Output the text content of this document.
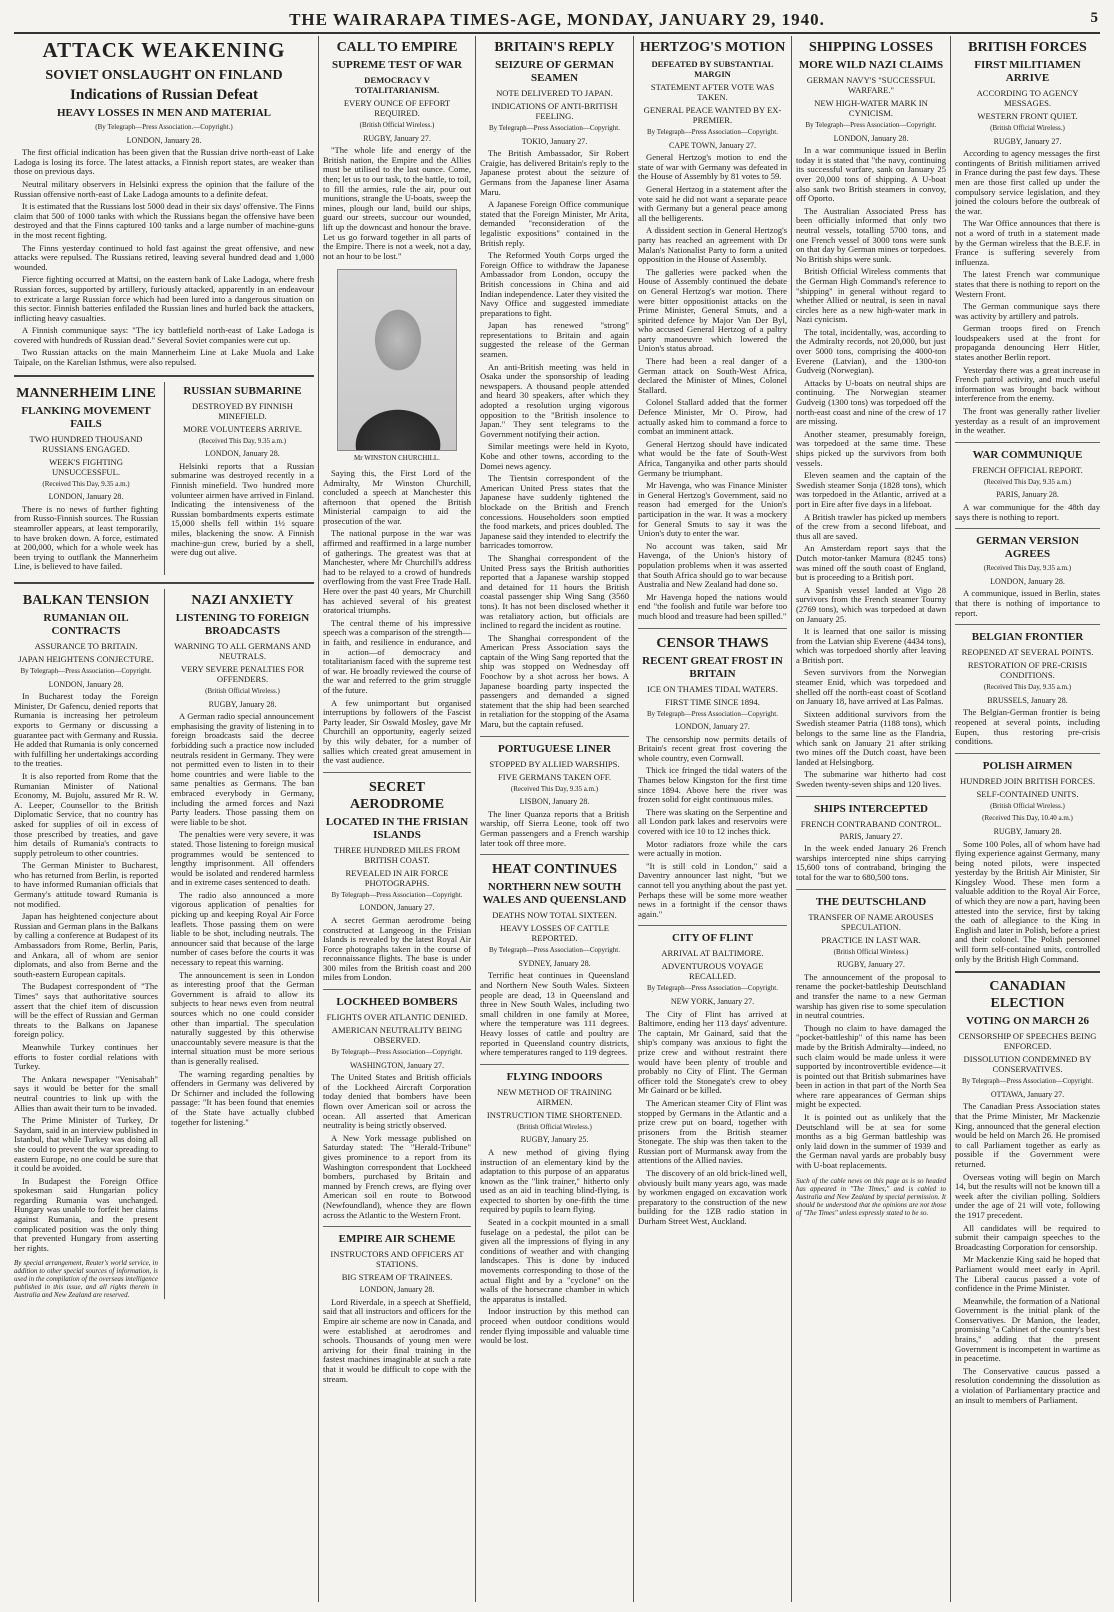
THE WAIRARAPA TIMES-AGE, MONDAY, JANUARY 29, 1940.	5
ATTACK WEAKENING
SOVIET ONSLAUGHT ON FINLAND
Indications of Russian Defeat
HEAVY LOSSES IN MEN AND MATERIAL
(By Telegraph—Press Association.—Copyright.)
LONDON, January 28.

The first official indication has been given that the Russian drive north-east of Lake Ladoga is losing its force. The latest attacks, a Finnish report states, are weaker than those on previous days.

Neutral military observers in Helsinki express the opinion that the failure of the Russian offensive north-east of Lake Ladoga amounts to a definite defeat.

It is estimated that the Russians lost 5000 dead in their six days' offensive. The Finns claim that 500 of 1000 tanks with which the Russians began the offensive have been destroyed and that the Finns captured 100 tanks and a large number of machine-guns in the most recent fighting.

The Finns yesterday continued to hold fast against the great offensive, and new attacks were repulsed. The Russians retired, leaving several hundred dead and 1,000 wounded.

Fierce fighting occurred at Mattsi, on the eastern bank of Lake Ladoga, where fresh Russian forces, supported by artillery, furiously attacked, apparently in an endeavour to extricate a large Russian force which had been lured into a dangerous situation on this sector. Finnish batteries enfiladed the Russian lines and hurled back the attackers, inflicting heavy casualties.

A Finnish communique says: "The icy battlefield north-east of Lake Ladoga is covered with hundreds of Russian dead." Several Soviet companies were cut up.

Two Russian attacks on the main Mannerheim Line at Lake Muola and Lake Taipale, on the Karelian Isthmus, were also repulsed.

MANNERHEIM LINE
FLANKING MOVEMENT FAILS
TWO HUNDRED THOUSAND RUSSIANS ENGAGED.
WEEK'S FIGHTING UNSUCCESSFUL.
(Received This Day, 9.35 a.m.)
LONDON, January 28.

There is no news of further fighting from Russo-Finnish sources. The Russian steamroller appears, at least temporarily, to have broken down. A force, estimated at 200,000, which for a whole week has been trying to outflank the Mannerheim Line, is believed to have failed.

RUSSIAN SUBMARINE
DESTROYED BY FINNISH MINEFIELD.
MORE VOLUNTEERS ARRIVE.
(Received This Day, 9.35 a.m.)
LONDON, January 28.

Helsinki reports that a Russian submarine was destroyed recently in a Finnish minefield. Two hundred more volunteer airmen have arrived in Finland. Indicating the intensiveness of the Russian bombardments experts estimate 15,000 shells fell within 1½ square miles, blackening the snow. A Finnish machine-gun crew, buried by a shell, were dug out alive.

BALKAN TENSION
RUMANIAN OIL CONTRACTS
ASSURANCE TO BRITAIN.
JAPAN HEIGHTENS CONJECTURE.
By Telegraph—Press Association—Copyright.
LONDON, January 28.

In Bucharest today the Foreign Minister, Dr Gafencu, denied reports that Rumania is increasing her petroleum exports to Germany or discussing a guarantee pact with Germany and Russia. He added that Rumania is only concerned with fulfilling her undertakings according to the treaties.

It is also reported from Rome that the Rumanian Minister of National Economy, M. Bujolu, assured Mr R. W. A. Leeper, Counsellor to the British Diplomatic Service, that no country has asked for supplies of oil in excess of those prescribed by treaties, and gave him details of Rumania's contracts to supply petroleum to other countries.

The German Minister to Bucharest, who has returned from Berlin, is reported to have informed Rumanian officials that Germany's attitude toward Rumania is not modified.

Japan has heightened conjecture about Russian and German plans in the Balkans by calling a conference at Budapest of its Ambassadors from Rome, Berlin, Paris, and Ankara, all of whom are senior diplomats, and also from Berne and the south-eastern European capitals.

The Budapest correspondent of "The Times" says that authoritative sources assert that the chief item of discussion will be the effect of Russian and German threats to the Balkans on Japanese foreign policy.

Meanwhile Turkey continues her efforts to foster cordial relations with Turkey.

The Ankara newspaper "Yenisabah" says it would be better for the small neutral countries to link up with the Allies than await their turn to be invaded.

The Prime Minister of Turkey, Dr Saydam, said in an interview published in Istanbul, that while Turkey was doing all she could to prevent the war spreading to eastern Europe, no one could be sure that it could be avoided.

In Budapest the Foreign Office spokesman said Hungarian policy regarding Rumania was unchanged. Hungary was unable to forfeit her claims against Rumania, and the present complicated position was the only thing that prevented Hungary from asserting her rights.

By special arrangement, Reuter's world service, in addition to other special sources of information, is used in the compilation of the overseas intelligence published in this issue, and all rights therein in Australia and New Zealand are reserved.
NAZI ANXIETY
LISTENING TO FOREIGN BROADCASTS
WARNING TO ALL GERMANS AND NEUTRALS.
VERY SEVERE PENALTIES FOR OFFENDERS.
(British Official Wireless.)
RUGBY, January 28.

A German radio special announcement emphasising the gravity of listening in to foreign broadcasts said the decree forbidding such a practice now included neutrals resident in Germany. They were not permitted even to listen in to their home countries and were liable to the same penalties as Germans. The ban embraced everybody in Germany, including the armed forces and Nazi Party leaders. Those passing them on were liable to be shot.

The penalties were very severe, it was stated. Those listening to foreign musical programmes would be sentenced to lengthy imprisonment. All offenders would be isolated and rendered harmless and in extreme cases sentenced to death.

The radio also announced a more vigorous application of penalties for picking up and keeping Royal Air Force leaflets. Those passing them on were liable to be shot, including neutrals. The announcer said that because of the large number of cases before the courts it was necessary to repeat this warning.

The announcement is seen in London as interesting proof that the German Government is afraid to allow its subjects to hear news even from neutral sources which no one could consider other than impartial. The speculation naturally suggested by this otherwise unaccountably severe measure is that the internal situation must be more serious than is generally realised.

The warning regarding penalties by offenders in Germany was delivered by Dr Schirner and included the following passage: "It has been found that enemies of the State have actually clubbed together for listening."

CALL TO EMPIRE
SUPREME TEST OF WAR
DEMOCRACY V TOTALITARIANISM.
EVERY OUNCE OF EFFORT REQUIRED.
(British Official Wireless.)
RUGBY, January 27.

"The whole life and energy of the British nation, the Empire and the Allies must be utilised to the last ounce. Come, then; let us to our task, to the battle, to toil, to fill the armies, rule the air, pour out munitions, strangle the U-boats, sweep the mines, plough our land, build our ships, guard our streets, succour our wounded, lift up the downcast and honour the brave. Let us go forward together in all parts of the Empire. There is not a week, not a day, not an hour to be lost."

Mr WINSTON CHURCHILL.

Saying this, the First Lord of the Admiralty, Mr Winston Churchill, concluded a speech at Manchester this afternoon that opened the British Ministerial campaign to aid the prosecution of the war.

The national purpose in the war was affirmed and reaffirmed in a large number of gatherings. The greatest was that at Manchester, where Mr Churchill's address had to be relayed to a crowd of hundreds overflowing from the vast Free Trade Hall. Here over the past 40 years, Mr Churchill has achieved several of his greatest oratorical triumphs.

The central theme of his impressive speech was a comparison of the strength—in faith, and resilience in endurance, and in action—of democracy and totalitarianism faced with the supreme test of war. He broadly reviewed the course of the war and referred to the grim struggle of the future.

A few unimportant but organised interruptions by followers of the Fascist Party leader, Sir Oswald Mosley, gave Mr Churchill an opportunity, eagerly seized by this wily debater, for a number of sallies which created great amusement in the vast audience.

SECRET AERODROME
LOCATED IN THE FRISIAN ISLANDS
THREE HUNDRED MILES FROM BRITISH COAST.
REVEALED IN AIR FORCE PHOTOGRAPHS.
By Telegraph—Press Association—Copyright.
LONDON, January 27.

A secret German aerodrome being constructed at Langeoog in the Frisian Islands is revealed by the latest Royal Air Force photographs taken in the course of reconnaissance flights. The base is under 300 miles from the British coast and 200 miles from London.

LOCKHEED BOMBERS
FLIGHTS OVER ATLANTIC DENIED.
AMERICAN NEUTRALITY BEING OBSERVED.
By Telegraph—Press Association—Copyright.
WASHINGTON, January 27.

The United States and British officials of the Lockheed Aircraft Corporation today denied that bombers have been flown over American soil or across the ocean. All asserted that American neutrality is being strictly observed.

A New York message published on Saturday stated: The "Herald-Tribune" gives prominence to a report from its Washington correspondent that Lockheed bombers, purchased by Britain and manned by French crews, are flying over American soil en route to Botwood (Newfoundland), whence they are flown across the Atlantic to the Western Front.

EMPIRE AIR SCHEME
INSTRUCTORS AND OFFICERS AT STATIONS.
BIG STREAM OF TRAINEES.
LONDON, January 28.

Lord Riverdale, in a speech at Sheffield, said that all instructors and officers for the Empire air scheme are now in Canada, and were established at aerodromes and schools. Thousands of young men were arriving for their final training in the fastest machines imaginable at such a rate that it would be difficult to cope with the stream.

BRITAIN'S REPLY
SEIZURE OF GERMAN SEAMEN
NOTE DELIVERED TO JAPAN.
INDICATIONS OF ANTI-BRITISH FEELING.
By Telegraph—Press Association—Copyright.
TOKIO, January 27.

The British Ambassador, Sir Robert Craigie, has delivered Britain's reply to the Japanese protest about the seizure of Germans from the Japanese liner Asama Maru.

A Japanese Foreign Office communique stated that the Foreign Minister, Mr Arita, demanded "reconsideration of the legalistic expositions" contained in the British reply.

The Reformed Youth Corps urged the Foreign Office to withdraw the Japanese Ambassador from London, occupy the British concessions in China and aid Indian independence. Later they visited the Navy Office and suggested immediate preparations to fight.

Japan has renewed "strong" representations to Britain and again suggested the release of the German seamen.

An anti-British meeting was held in Osaka under the sponsorship of leading newspapers. A thousand people attended and heard 30 speakers, after which they adopted a resolution urging vigorous opposition to the "British insolence to Japan." They sent telegrams to the Government notifying their action.

Similar meetings were held in Kyoto, Kobe and other towns, according to the Domei news agency.

The Tientsin correspondent of the American United Press states that the Japanese have suddenly tightened the blockade on the British and French concessions. Householders soon emptied the food markets, and prices doubled. The Japanese said they intended to electrify the barricades tomorrow.

The Shanghai correspondent of the United Press says the British authorities reported that a Japanese warship stopped and detained for 11 hours the British coastal passenger ship Wing Sang (3560 tons). It has not been disclosed whether it was retaliatory action, but officials are inclined to regard the incident as routine.

The Shanghai correspondent of the American Press Association says the captain of the Wing Sang reported that the ship was stopped on Wednesday off Foochow by a shot across her bows. A Japanese boarding party inspected the passengers and demanded a signed statement that the ship had been searched in retaliation for the stopping of the Asama Maru, but the captain refused.

PORTUGUESE LINER
STOPPED BY ALLIED WARSHIPS.
FIVE GERMANS TAKEN OFF.
(Received This Day, 9.35 a.m.)
LISBON, January 28.

The liner Quanza reports that a British warship, off Sierra Leone, took off two German passengers and a French warship later took off three more.

HEAT CONTINUES
NORTHERN NEW SOUTH WALES AND QUEENSLAND
DEATHS NOW TOTAL SIXTEEN.
HEAVY LOSSES OF CATTLE REPORTED.
By Telegraph—Press Association—Copyright.
SYDNEY, January 28.

Terrific heat continues in Queensland and Northern New South Wales. Sixteen people are dead, 13 in Queensland and three in New South Wales, including two small children in one family at Moree, where the temperature was 111 degrees. Heavy losses of cattle and poultry are reported in Queensland country districts, where temperatures ranged to 119 degrees.

FLYING INDOORS
NEW METHOD OF TRAINING AIRMEN.
INSTRUCTION TIME SHORTENED.
(British Official Wireless.)
RUGBY, January 25.

A new method of giving flying instruction of an elementary kind by the adaptation to this purpose of an apparatus known as the "link trainer," hitherto only used as an aid in teaching blind-flying, is expected to shorten by one-fifth the time required by pupils to learn flying.

Seated in a cockpit mounted in a small fuselage on a pedestal, the pilot can be given all the impressions of flying in any conditions of weather and with changing landscapes. This is done by induced movements corresponding to those of the actual flight and by a "cyclone" on the walls of the horsecrane chamber in which the apparatus is installed.

Indoor instruction by this method can proceed when outdoor conditions would render flying impossible and valuable time would be lost.

HERTZOG'S MOTION
DEFEATED BY SUBSTANTIAL MARGIN
STATEMENT AFTER VOTE WAS TAKEN.
GENERAL PEACE WANTED BY EX-PREMIER.
By Telegraph—Press Association—Copyright.
CAPE TOWN, January 27.

General Hertzog's motion to end the state of war with Germany was defeated in the House of Assembly by 81 votes to 59.

General Hertzog in a statement after the vote said he did not want a separate peace with Germany but a general peace among all the belligerents.

A dissident section in General Hertzog's party has reached an agreement with Dr Malan's Nationalist Party to form a united opposition in the House of Assembly.

The galleries were packed when the House of Assembly continued the debate on General Hertzog's war motion. There were bitter oppositionist attacks on the Prime Minister, General Smuts, and a spirited defence by Major Van Der Byl, who accused General Hertzog of a paltry party manoeuvre which lowered the Union's status abroad.

There had been a real danger of a German attack on South-West Africa, declared the Minister of Mines, Colonel Stallard.

Colonel Stallard added that the former Defence Minister, Mr O. Pirow, had actually asked him to command a force to combat an imminent attack.

General Hertzog should have indicated what would be the fate of South-West Africa, Tanganyika and other parts should Germany be triumphant.

Mr Havenga, who was Finance Minister in General Hertzog's Government, said no reason had emerged for the Union's participation in the war. It was a mockery for General Smuts to say it was the Union's duty to enter the war.

No account was taken, said Mr Havenga, of the Union's history of population problems when it was asserted that South Africa should go to war because Australia and New Zealand had done so.

Mr Havenga hoped the nations would end "the foolish and futile war before too much blood and treasure had been spilled."

CENSOR THAWS
RECENT GREAT FROST IN BRITAIN
ICE ON THAMES TIDAL WATERS.
FIRST TIME SINCE 1894.
By Telegraph—Press Association—Copyright.
LONDON, January 27.

The censorship now permits details of Britain's recent great frost covering the whole country, even Cornwall.

Thick ice fringed the tidal waters of the Thames below Kingston for the first time since 1894. Above here the river was frozen solid for eight continuous miles.

There was skating on the Serpentine and all London park lakes and reservoirs were covered with ice 10 to 12 inches thick.

Motor radiators froze while the cars were actually in motion.

"It is still cold in London," said a Daventry announcer last night, "but we cannot tell you anything about the past yet. Perhaps these will be some more weather news in a fortnight if the censor thaws again."

CITY OF FLINT
ARRIVAL AT BALTIMORE.
ADVENTUROUS VOYAGE RECALLED.
By Telegraph—Press Association—Copyright.
NEW YORK, January 27.

The City of Flint has arrived at Baltimore, ending her 113 days' adventure. The captain, Mr Gainard, said that the ship's company was anxious to fight the prize crew and without restraint there would have been plenty of trouble and probably no City of Flint. The German officer told the Stonegate's crew to obey Mr Gainard or be killed.

The American steamer City of Flint was stopped by Germans in the Atlantic and a prize crew put on board, together with prisoners from the British steamer Stonegate. The ship was then taken to the Russian port of Murmansk away from the attentions of the Allied navies.

The discovery of an old brick-lined well, obviously built many years ago, was made by workmen engaged on excavation work preparatory to the construction of the new building for the 1ZB radio station in Durham Street West, Auckland.

SHIPPING LOSSES
MORE WILD NAZI CLAIMS
GERMAN NAVY'S "SUCCESSFUL WARFARE."
NEW HIGH-WATER MARK IN CYNICISM.
By Telegraph—Press Association—Copyright.
LONDON, January 28.

In a war communique issued in Berlin today it is stated that "the navy, continuing its successful warfare, sank on January 25 over 20,000 tons of shipping. A U-boat also sank two British steamers in convoy, off Oporto.

The Australian Associated Press has been officially informed that only two neutral vessels, totalling 5700 tons, and one French vessel of 3000 tons were sunk on that day by German mines or torpedoes. No British ships were sunk.

British Official Wireless comments that the German High Command's reference to "shipping" in general without regard to whether Allied or neutral, is seen in naval circles here as a new high-water mark in Nazi cynicism.

The total, incidentally, was, according to the Admiralty records, not 20,000, but just over 5000 tons, comprising the 4000-ton Everene (Latvian), and the 1300-ton Gudveig (Norwegian).

Attacks by U-boats on neutral ships are continuing. The Norwegian steamer Gudveig (1300 tons) was torpedoed off the north-east coast and nine of the crew of 17 are missing.

Another steamer, presumably foreign, was torpedoed at the same time. These ships picked up the survivors from both vessels.

Eleven seamen and the captain of the Swedish steamer Sonja (1828 tons), which was torpedoed in the Atlantic, arrived at a port in Eire after five days in a lifeboat.

A British trawler has picked up members of the crew from a second lifeboat, and thus all are saved.

An Amsterdam report says that the Dutch motor-tanker Mamura (8245 tons) was mined off the south coast of England, but is proceeding to a British port.

A Spanish vessel landed at Vigo 28 survivors from the French steamer Tourny (2769 tons), which was torpedoed at dawn on January 25.

It is learned that one sailor is missing from the Latvian ship Everene (4434 tons), which was torpedoed shortly after leaving a British port.

Seven survivors from the Norwegian steamer Enid, which was torpedoed and shelled off the north-east coast of Scotland on January 18, have arrived at Las Palmas.

Sixteen additional survivors from the Swedish steamer Patria (1188 tons), which belongs to the same line as the Flandria, which sank on January 21 after striking two mines off the Dutch coast, have been landed at Helsingborg.

The submarine war hitherto had cost Sweden twenty-seven ships and 120 lives.

SHIPS INTERCEPTED
FRENCH CONTRABAND CONTROL.
PARIS, January 27.

In the week ended January 26 French warships intercepted nine ships carrying 15,600 tons of contraband, bringing the total for the war to 680,500 tons.

THE DEUTSCHLAND
TRANSFER OF NAME AROUSES SPECULATION.
PRACTICE IN LAST WAR.
(British Official Wireless.)
RUGBY, January 27.

The announcement of the proposal to rename the pocket-battleship Deutschland and transfer the name to a new German warship has given rise to some speculation in neutral countries.

Though no claim to have damaged the "pocket-battleship" of this name has been made by the British Admiralty—indeed, no such claim would be made unless it were supported by incontrovertible evidence—it is pointed out that British submarines have been in action in that part of the North Sea where rare appearances of German ships might be expected.

It is pointed out as unlikely that the Deutschland will be at sea for some months as a big German battleship was only laid down in the summer of 1939 and the German naval yards are probably busy with U-boat replacements.

Such of the cable news on this page as is so headed has appeared in "The Times," and is cabled to Australia and New Zealand by special permission. It should be understood that the opinions are not those of "The Times" unless expressly stated to be so.
BRITISH FORCES
FIRST MILITIAMEN ARRIVE
ACCORDING TO AGENCY MESSAGES.
WESTERN FRONT QUIET.
(British Official Wireless.)
RUGBY, January 27.

According to agency messages the first contingents of British militiamen arrived in France during the past few days. These men are those first called up under the compulsory service legislation, and they joined the colours before the outbreak of the war.

The War Office announces that there is not a word of truth in a statement made by the German wireless that the B.E.F. in France is suffering severely from influenza.

The latest French war communique states that there is nothing to report on the Western Front.

The German communique says there was activity by artillery and patrols.

German troops fired on French loudspeakers used at the front for propaganda denouncing Herr Hitler, states another Berlin report.

Yesterday there was a great increase in French patrol activity, and much useful information was brought back without interference from the enemy.

The front was generally rather livelier yesterday as a result of an improvement in the weather.

WAR COMMUNIQUE
FRENCH OFFICIAL REPORT.
(Received This Day, 9.35 a.m.)
PARIS, January 28.

A war communique for the 48th day says there is nothing to report.

GERMAN VERSION AGREES
(Received This Day, 9.35 a.m.)
LONDON, January 28.

A communique, issued in Berlin, states that there is nothing of importance to report.

BELGIAN FRONTIER
REOPENED AT SEVERAL POINTS.
RESTORATION OF PRE-CRISIS CONDITIONS.
(Received This Day, 9.35 a.m.)
BRUSSELS, January 28.

The Belgian-German frontier is being reopened at several points, including Eupen, thus restoring pre-crisis conditions.

POLISH AIRMEN
HUNDRED JOIN BRITISH FORCES.
SELF-CONTAINED UNITS.
(British Official Wireless.)
(Received This Day, 10.40 a.m.)
RUGBY, January 28.

Some 100 Poles, all of whom have had flying experience against Germany, many being noted pilots, were inspected yesterday by the British Air Minister, Sir Kingsley Wood. These men form a valuable addition to the Royal Air Force, of which they are now a part, having been attested into the service, first by taking the oath of allegiance to the King in English and later in Polish, before a priest and their colonel. The Polish personnel will form self-contained units, controlled only by the British High Command.

CANADIAN ELECTION
VOTING ON MARCH 26
CENSORSHIP OF SPEECHES BEING ENFORCED.
DISSOLUTION CONDEMNED BY CONSERVATIVES.
By Telegraph—Press Association—Copyright.
OTTAWA, January 27.

The Canadian Press Association states that the Prime Minister, Mr Mackenzie King, announced that the general election would be held on March 26. He promised to call Parliament together as early as possible if the Government were returned.

Overseas voting will begin on March 14, but the results will not be known till a week after the civilian polling. Soldiers under the age of 21 will vote, following the 1917 precedent.

All candidates will be required to submit their campaign speeches to the Broadcasting Corporation for censorship.

Mr Mackenzie King said he hoped that Parliament would meet early in April. The Liberal caucus passed a vote of confidence in the Prime Minister.

Meanwhile, the formation of a National Government is the initial plank of the Conservatives. Dr Manion, the leader, promising "a Cabinet of the country's best brains," adding that the present Government is incompetent in wartime as in peacetime.

The Conservative caucus passed a resolution condemning the dissolution as a violation of Parliamentary practice and an insult to members of Parliament.
